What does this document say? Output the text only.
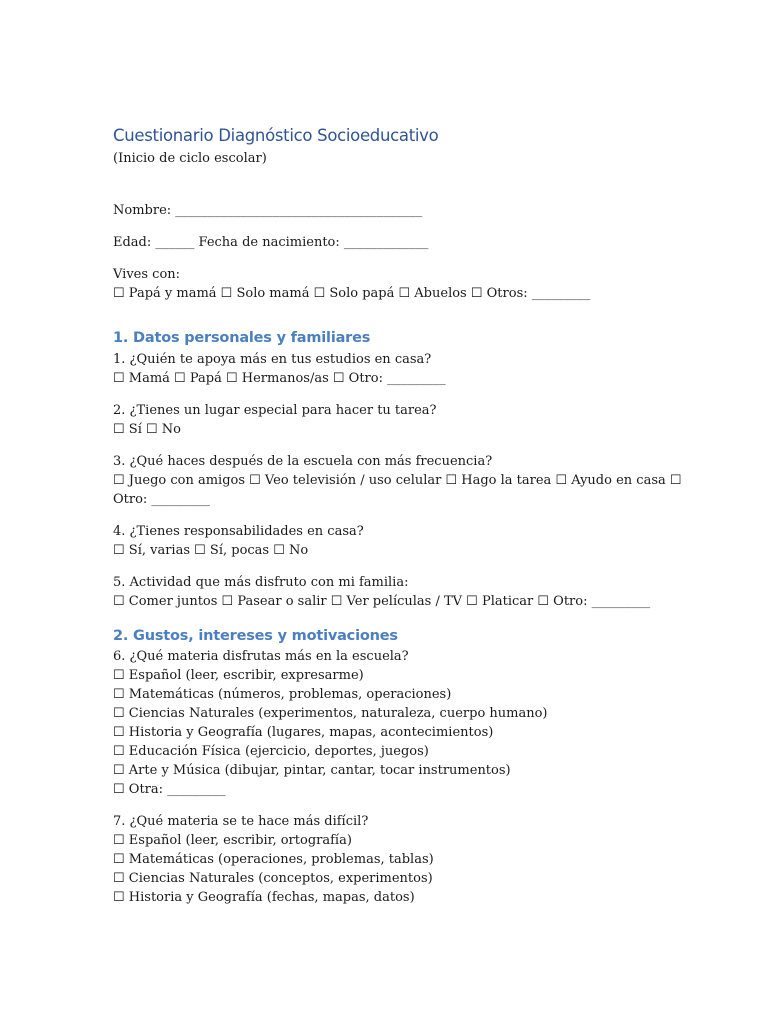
Cuestionario Diagnóstico Socioeducativo
(Inicio de ciclo escolar)
Nombre: ______________________________________
Edad: ______ Fecha de nacimiento: _____________
Vives con:
☐ Papá y mamá ☐ Solo mamá ☐ Solo papá ☐ Abuelos ☐ Otros: _________
1. Datos personales y familiares
1. ¿Quién te apoya más en tus estudios en casa?
☐ Mamá ☐ Papá ☐ Hermanos/as ☐ Otro: _________
2. ¿Tienes un lugar especial para hacer tu tarea?
☐ Sí ☐ No
3. ¿Qué haces después de la escuela con más frecuencia?
☐ Juego con amigos ☐ Veo televisión / uso celular ☐ Hago la tarea ☐ Ayudo en casa ☐
Otro: _________
4. ¿Tienes responsabilidades en casa?
☐ Sí, varias ☐ Sí, pocas ☐ No
5. Actividad que más disfruto con mi familia:
☐ Comer juntos ☐ Pasear o salir ☐ Ver películas / TV ☐ Platicar ☐ Otro: _________
2. Gustos, intereses y motivaciones
6. ¿Qué materia disfrutas más en la escuela?
☐ Español (leer, escribir, expresarme)
☐ Matemáticas (números, problemas, operaciones)
☐ Ciencias Naturales (experimentos, naturaleza, cuerpo humano)
☐ Historia y Geografía (lugares, mapas, acontecimientos)
☐ Educación Física (ejercicio, deportes, juegos)
☐ Arte y Música (dibujar, pintar, cantar, tocar instrumentos)
☐ Otra: _________
7. ¿Qué materia se te hace más difícil?
☐ Español (leer, escribir, ortografía)
☐ Matemáticas (operaciones, problemas, tablas)
☐ Ciencias Naturales (conceptos, experimentos)
☐ Historia y Geografía (fechas, mapas, datos)
